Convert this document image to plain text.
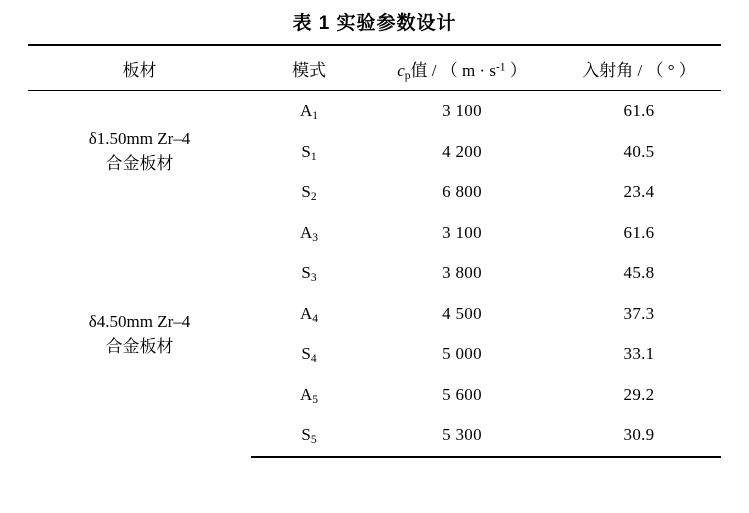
表 1 实验参数设计
板材	模式	$c_p$值 / （ $m \cdot s^{-1}$ ）	入射角 / （ ° ）
δ1.50mm Zr–4
合金板材	$A_1$	3 100	61.6
	$S_1$	4 200	40.5
	$S_2$	6 800	23.4
δ4.50mm Zr–4
合金板材	$A_3$	3 100	61.6
	$S_3$	3 800	45.8
	$A_4$	4 500	37.3
	$S_4$	5 000	33.1
	$A_5$	5 600	29.2
	$S_5$	5 300	30.9
